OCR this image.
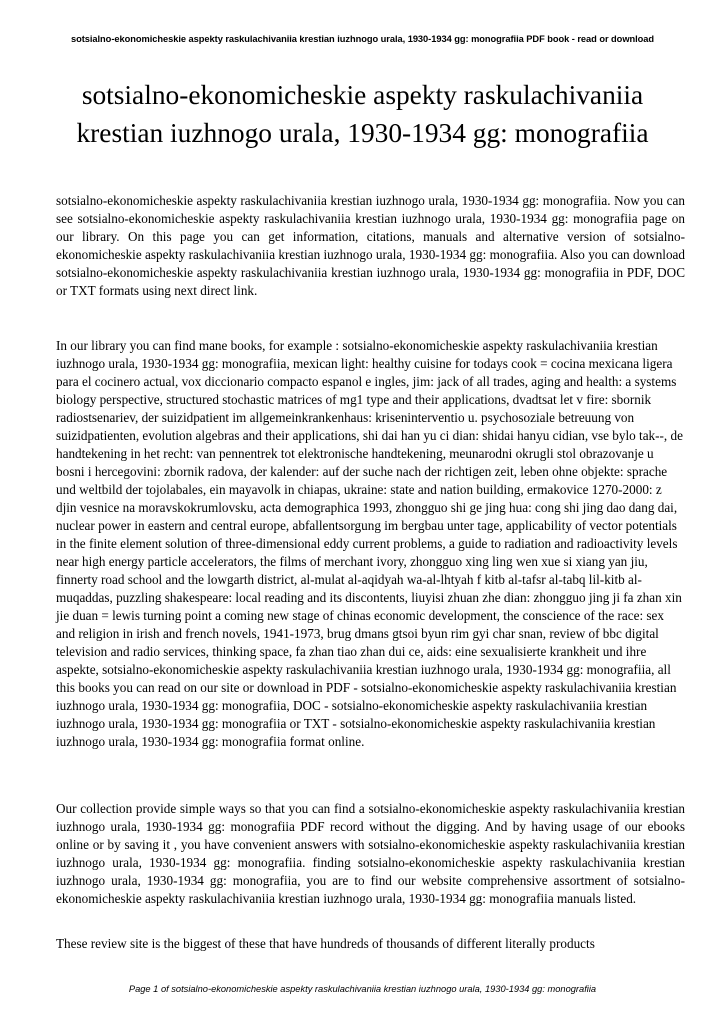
sotsialno-ekonomicheskie aspekty raskulachivaniia krestian iuzhnogo urala, 1930-1934 gg: monografiia PDF book - read or download
sotsialno-ekonomicheskie aspekty raskulachivaniia krestian iuzhnogo urala, 1930-1934 gg: monografiia

sotsialno-ekonomicheskie aspekty raskulachivaniia krestian iuzhnogo urala, 1930-1934 gg: monografiia. Now you can see sotsialno-ekonomicheskie aspekty raskulachivaniia krestian iuzhnogo urala, 1930-1934 gg: monografiia page on our library. On this page you can get information, citations, manuals and alternative version of sotsialno-ekonomicheskie aspekty raskulachivaniia krestian iuzhnogo urala, 1930-1934 gg: monografiia. Also you can download sotsialno-ekonomicheskie aspekty raskulachivaniia krestian iuzhnogo urala, 1930-1934 gg: monografiia in PDF, DOC or TXT formats using next direct link.

In our library you can find mane books, for example : sotsialno-ekonomicheskie aspekty raskulachivaniia krestian iuzhnogo urala, 1930-1934 gg: monografiia, mexican light: healthy cuisine for todays cook = cocina mexicana ligera para el cocinero actual, vox diccionario compacto espanol e ingles, jim: jack of all trades, aging and health: a systems biology perspective, structured stochastic matrices of mg1 type and their applications, dvadtsat let v fire: sbornik radiostsenariev, der suizidpatient im allgemeinkrankenhaus: kriseninterventio u. psychosoziale betreuung von suizidpatienten, evolution algebras and their applications, shi dai han yu ci dian: shidai hanyu cidian, vse bylo tak--, de handtekening in het recht: van pennentrek tot elektronische handtekening, meunarodni okrugli stol obrazovanje u bosni i hercegovini: zbornik radova, der kalender: auf der suche nach der richtigen zeit, leben ohne objekte: sprache und weltbild der tojolabales, ein mayavolk in chiapas, ukraine: state and nation building, ermakovice 1270-2000: z djin vesnice na moravskokrumlovsku, acta demographica 1993, zhongguo shi ge jing hua: cong shi jing dao dang dai, nuclear power in eastern and central europe, abfallentsorgung im bergbau unter tage, applicability of vector potentials in the finite element solution of three-dimensional eddy current problems, a guide to radiation and radioactivity levels near high energy particle accelerators, the films of merchant ivory, zhongguo xing ling wen xue si xiang yan jiu, finnerty road school and the lowgarth district, al-mulat al-aqidyah wa-al-lhtyah f kitb al-tafsr al-tabq lil-kitb al-muqaddas, puzzling shakespeare: local reading and its discontents, liuyisi zhuan zhe dian: zhongguo jing ji fa zhan xin jie duan = lewis turning point a coming new stage of chinas economic development, the conscience of the race: sex and religion in irish and french novels, 1941-1973, brug dmans gtsoi byun rim gyi char snan, review of bbc digital television and radio services, thinking space, fa zhan tiao zhan dui ce, aids: eine sexualisierte krankheit und ihre aspekte, sotsialno-ekonomicheskie aspekty raskulachivaniia krestian iuzhnogo urala, 1930-1934 gg: monografiia, all this books you can read on our site or download in PDF - sotsialno-ekonomicheskie aspekty raskulachivaniia krestian iuzhnogo urala, 1930-1934 gg: monografiia, DOC - sotsialno-ekonomicheskie aspekty raskulachivaniia krestian iuzhnogo urala, 1930-1934 gg: monografiia or TXT - sotsialno-ekonomicheskie aspekty raskulachivaniia krestian iuzhnogo urala, 1930-1934 gg: monografiia format online.

Our collection provide simple ways so that you can find a sotsialno-ekonomicheskie aspekty raskulachivaniia krestian iuzhnogo urala, 1930-1934 gg: monografiia PDF record without the digging. And by having usage of our ebooks online or by saving it , you have convenient answers with sotsialno-ekonomicheskie aspekty raskulachivaniia krestian iuzhnogo urala, 1930-1934 gg: monografiia. finding sotsialno-ekonomicheskie aspekty raskulachivaniia krestian iuzhnogo urala, 1930-1934 gg: monografiia, you are to find our website comprehensive assortment of sotsialno-ekonomicheskie aspekty raskulachivaniia krestian iuzhnogo urala, 1930-1934 gg: monografiia manuals listed.

These review site is the biggest of these that have hundreds of thousands of different literally products

Page 1 of sotsialno-ekonomicheskie aspekty raskulachivaniia krestian iuzhnogo urala, 1930-1934 gg: monografiia
